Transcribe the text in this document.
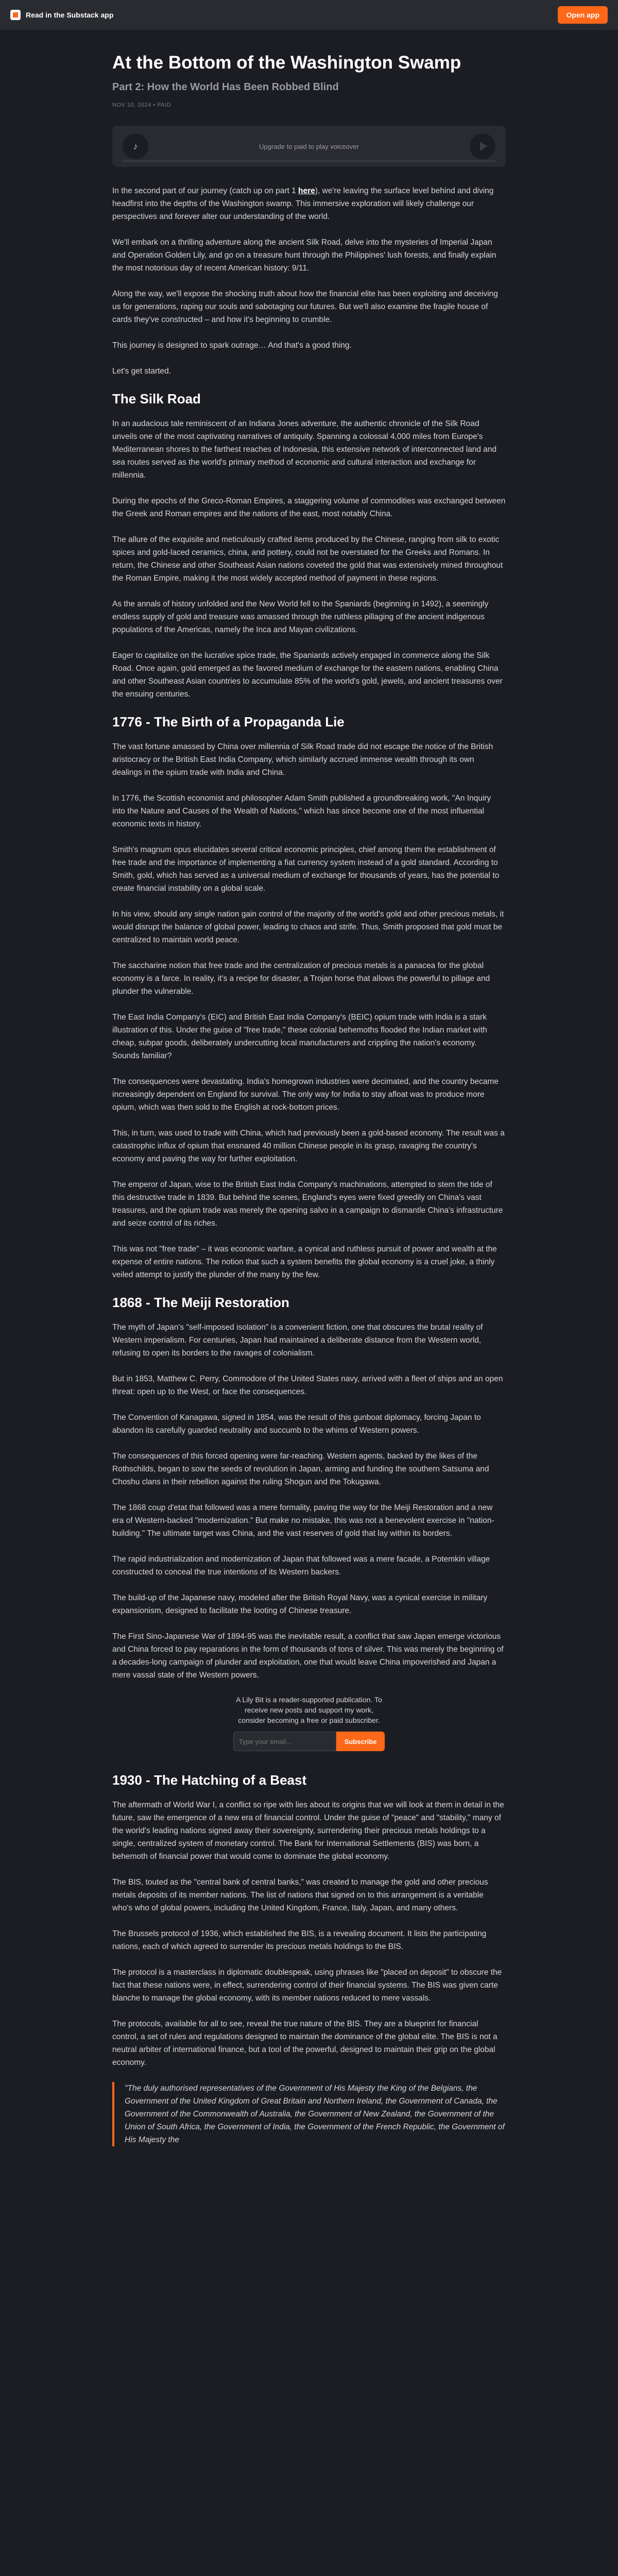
Read in the Substack app	Open app
At the Bottom of the Washington Swamp
Part 2: How the World Has Been Robbed Blind
NOV 10, 2024 • PAID
♪	Upgrade to paid to play voiceover

In the second part of our journey (catch up on part 1 here), we're leaving the surface level behind and diving headfirst into the depths of the Washington swamp. This immersive exploration will likely challenge our perspectives and forever alter our understanding of the world.

We'll embark on a thrilling adventure along the ancient Silk Road, delve into the mysteries of Imperial Japan and Operation Golden Lily, and go on a treasure hunt through the Philippines' lush forests, and finally explain the most notorious day of recent American history: 9/11.

Along the way, we'll expose the shocking truth about how the financial elite has been exploiting and deceiving us for generations, raping our souls and sabotaging our futures. But we'll also examine the fragile house of cards they've constructed – and how it's beginning to crumble.

This journey is designed to spark outrage… And that's a good thing.

Let's get started.

The Silk Road

In an audacious tale reminiscent of an Indiana Jones adventure, the authentic chronicle of the Silk Road unveils one of the most captivating narratives of antiquity. Spanning a colossal 4,000 miles from Europe's Mediterranean shores to the farthest reaches of Indonesia, this extensive network of interconnected land and sea routes served as the world's primary method of economic and cultural interaction and exchange for millennia.

During the epochs of the Greco-Roman Empires, a staggering volume of commodities was exchanged between the Greek and Roman empires and the nations of the east, most notably China.

The allure of the exquisite and meticulously crafted items produced by the Chinese, ranging from silk to exotic spices and gold-laced ceramics, china, and pottery, could not be overstated for the Greeks and Romans. In return, the Chinese and other Southeast Asian nations coveted the gold that was extensively mined throughout the Roman Empire, making it the most widely accepted method of payment in these regions.

As the annals of history unfolded and the New World fell to the Spaniards (beginning in 1492), a seemingly endless supply of gold and treasure was amassed through the ruthless pillaging of the ancient indigenous populations of the Americas, namely the Inca and Mayan civilizations.

Eager to capitalize on the lucrative spice trade, the Spaniards actively engaged in commerce along the Silk Road. Once again, gold emerged as the favored medium of exchange for the eastern nations, enabling China and other Southeast Asian countries to accumulate 85% of the world's gold, jewels, and ancient treasures over the ensuing centuries.

1776 - The Birth of a Propaganda Lie

The vast fortune amassed by China over millennia of Silk Road trade did not escape the notice of the British aristocracy or the British East India Company, which similarly accrued immense wealth through its own dealings in the opium trade with India and China.

In 1776, the Scottish economist and philosopher Adam Smith published a groundbreaking work, "An Inquiry into the Nature and Causes of the Wealth of Nations," which has since become one of the most influential economic texts in history.

Smith's magnum opus elucidates several critical economic principles, chief among them the establishment of free trade and the importance of implementing a fiat currency system instead of a gold standard. According to Smith, gold, which has served as a universal medium of exchange for thousands of years, has the potential to create financial instability on a global scale.

In his view, should any single nation gain control of the majority of the world's gold and other precious metals, it would disrupt the balance of global power, leading to chaos and strife. Thus, Smith proposed that gold must be centralized to maintain world peace.

The saccharine notion that free trade and the centralization of precious metals is a panacea for the global economy is a farce. In reality, it's a recipe for disaster, a Trojan horse that allows the powerful to pillage and plunder the vulnerable.

The East India Company's (EIC) and British East India Company's (BEIC) opium trade with India is a stark illustration of this. Under the guise of "free trade," these colonial behemoths flooded the Indian market with cheap, subpar goods, deliberately undercutting local manufacturers and crippling the nation's economy. Sounds familiar?

The consequences were devastating. India's homegrown industries were decimated, and the country became increasingly dependent on England for survival. The only way for India to stay afloat was to produce more opium, which was then sold to the English at rock-bottom prices.

This, in turn, was used to trade with China, which had previously been a gold-based economy. The result was a catastrophic influx of opium that ensnared 40 million Chinese people in its grasp, ravaging the country's economy and paving the way for further exploitation.

The emperor of Japan, wise to the British East India Company's machinations, attempted to stem the tide of this destructive trade in 1839. But behind the scenes, England's eyes were fixed greedily on China's vast treasures, and the opium trade was merely the opening salvo in a campaign to dismantle China's infrastructure and seize control of its riches.

This was not "free trade" – it was economic warfare, a cynical and ruthless pursuit of power and wealth at the expense of entire nations. The notion that such a system benefits the global economy is a cruel joke, a thinly veiled attempt to justify the plunder of the many by the few.

1868 - The Meiji Restoration

The myth of Japan's "self-imposed isolation" is a convenient fiction, one that obscures the brutal reality of Western imperialism. For centuries, Japan had maintained a deliberate distance from the Western world, refusing to open its borders to the ravages of colonialism.

But in 1853, Matthew C. Perry, Commodore of the United States navy, arrived with a fleet of ships and an open threat: open up to the West, or face the consequences.

The Convention of Kanagawa, signed in 1854, was the result of this gunboat diplomacy, forcing Japan to abandon its carefully guarded neutrality and succumb to the whims of Western powers.

The consequences of this forced opening were far-reaching. Western agents, backed by the likes of the Rothschilds, began to sow the seeds of revolution in Japan, arming and funding the southern Satsuma and Choshu clans in their rebellion against the ruling Shogun and the Tokugawa.

The 1868 coup d'etat that followed was a mere formality, paving the way for the Meiji Restoration and a new era of Western-backed "modernization." But make no mistake, this was not a benevolent exercise in "nation-building." The ultimate target was China, and the vast reserves of gold that lay within its borders.

The rapid industrialization and modernization of Japan that followed was a mere facade, a Potemkin village constructed to conceal the true intentions of its Western backers.

The build-up of the Japanese navy, modeled after the British Royal Navy, was a cynical exercise in military expansionism, designed to facilitate the looting of Chinese treasure.

The First Sino-Japanese War of 1894-95 was the inevitable result, a conflict that saw Japan emerge victorious and China forced to pay reparations in the form of thousands of tons of silver. This was merely the beginning of a decades-long campaign of plunder and exploitation, one that would leave China impoverished and Japan a mere vassal state of the Western powers.

A Lily Bit is a reader-supported publication. To receive new posts and support my work, consider becoming a free or paid subscriber.
Type your email...
Subscribe
1930 - The Hatching of a Beast

The aftermath of World War I, a conflict so ripe with lies about its origins that we will look at them in detail in the future, saw the emergence of a new era of financial control. Under the guise of "peace" and "stability," many of the world's leading nations signed away their sovereignty, surrendering their precious metals holdings to a single, centralized system of monetary control. The Bank for International Settlements (BIS) was born, a behemoth of financial power that would come to dominate the global economy.

The BIS, touted as the "central bank of central banks," was created to manage the gold and other precious metals deposits of its member nations. The list of nations that signed on to this arrangement is a veritable who's who of global powers, including the United Kingdom, France, Italy, Japan, and many others.

The Brussels protocol of 1936, which established the BIS, is a revealing document. It lists the participating nations, each of which agreed to surrender its precious metals holdings to the BIS.

The protocol is a masterclass in diplomatic doublespeak, using phrases like "placed on deposit" to obscure the fact that these nations were, in effect, surrendering control of their financial systems. The BIS was given carte blanche to manage the global economy, with its member nations reduced to mere vassals.

The protocols, available for all to see, reveal the true nature of the BIS. They are a blueprint for financial control, a set of rules and regulations designed to maintain the dominance of the global elite. The BIS is not a neutral arbiter of international finance, but a tool of the powerful, designed to maintain their grip on the global economy.

"The duly authorised representatives of the Government of His Majesty the King of the Belgians, the Government of the United Kingdom of Great Britain and Northern Ireland, the Government of Canada, the Government of the Commonwealth of Australia, the Government of New Zealand, the Government of the Union of South Africa, the Government of India, the Government of the French Republic, the Government of His Majesty the
